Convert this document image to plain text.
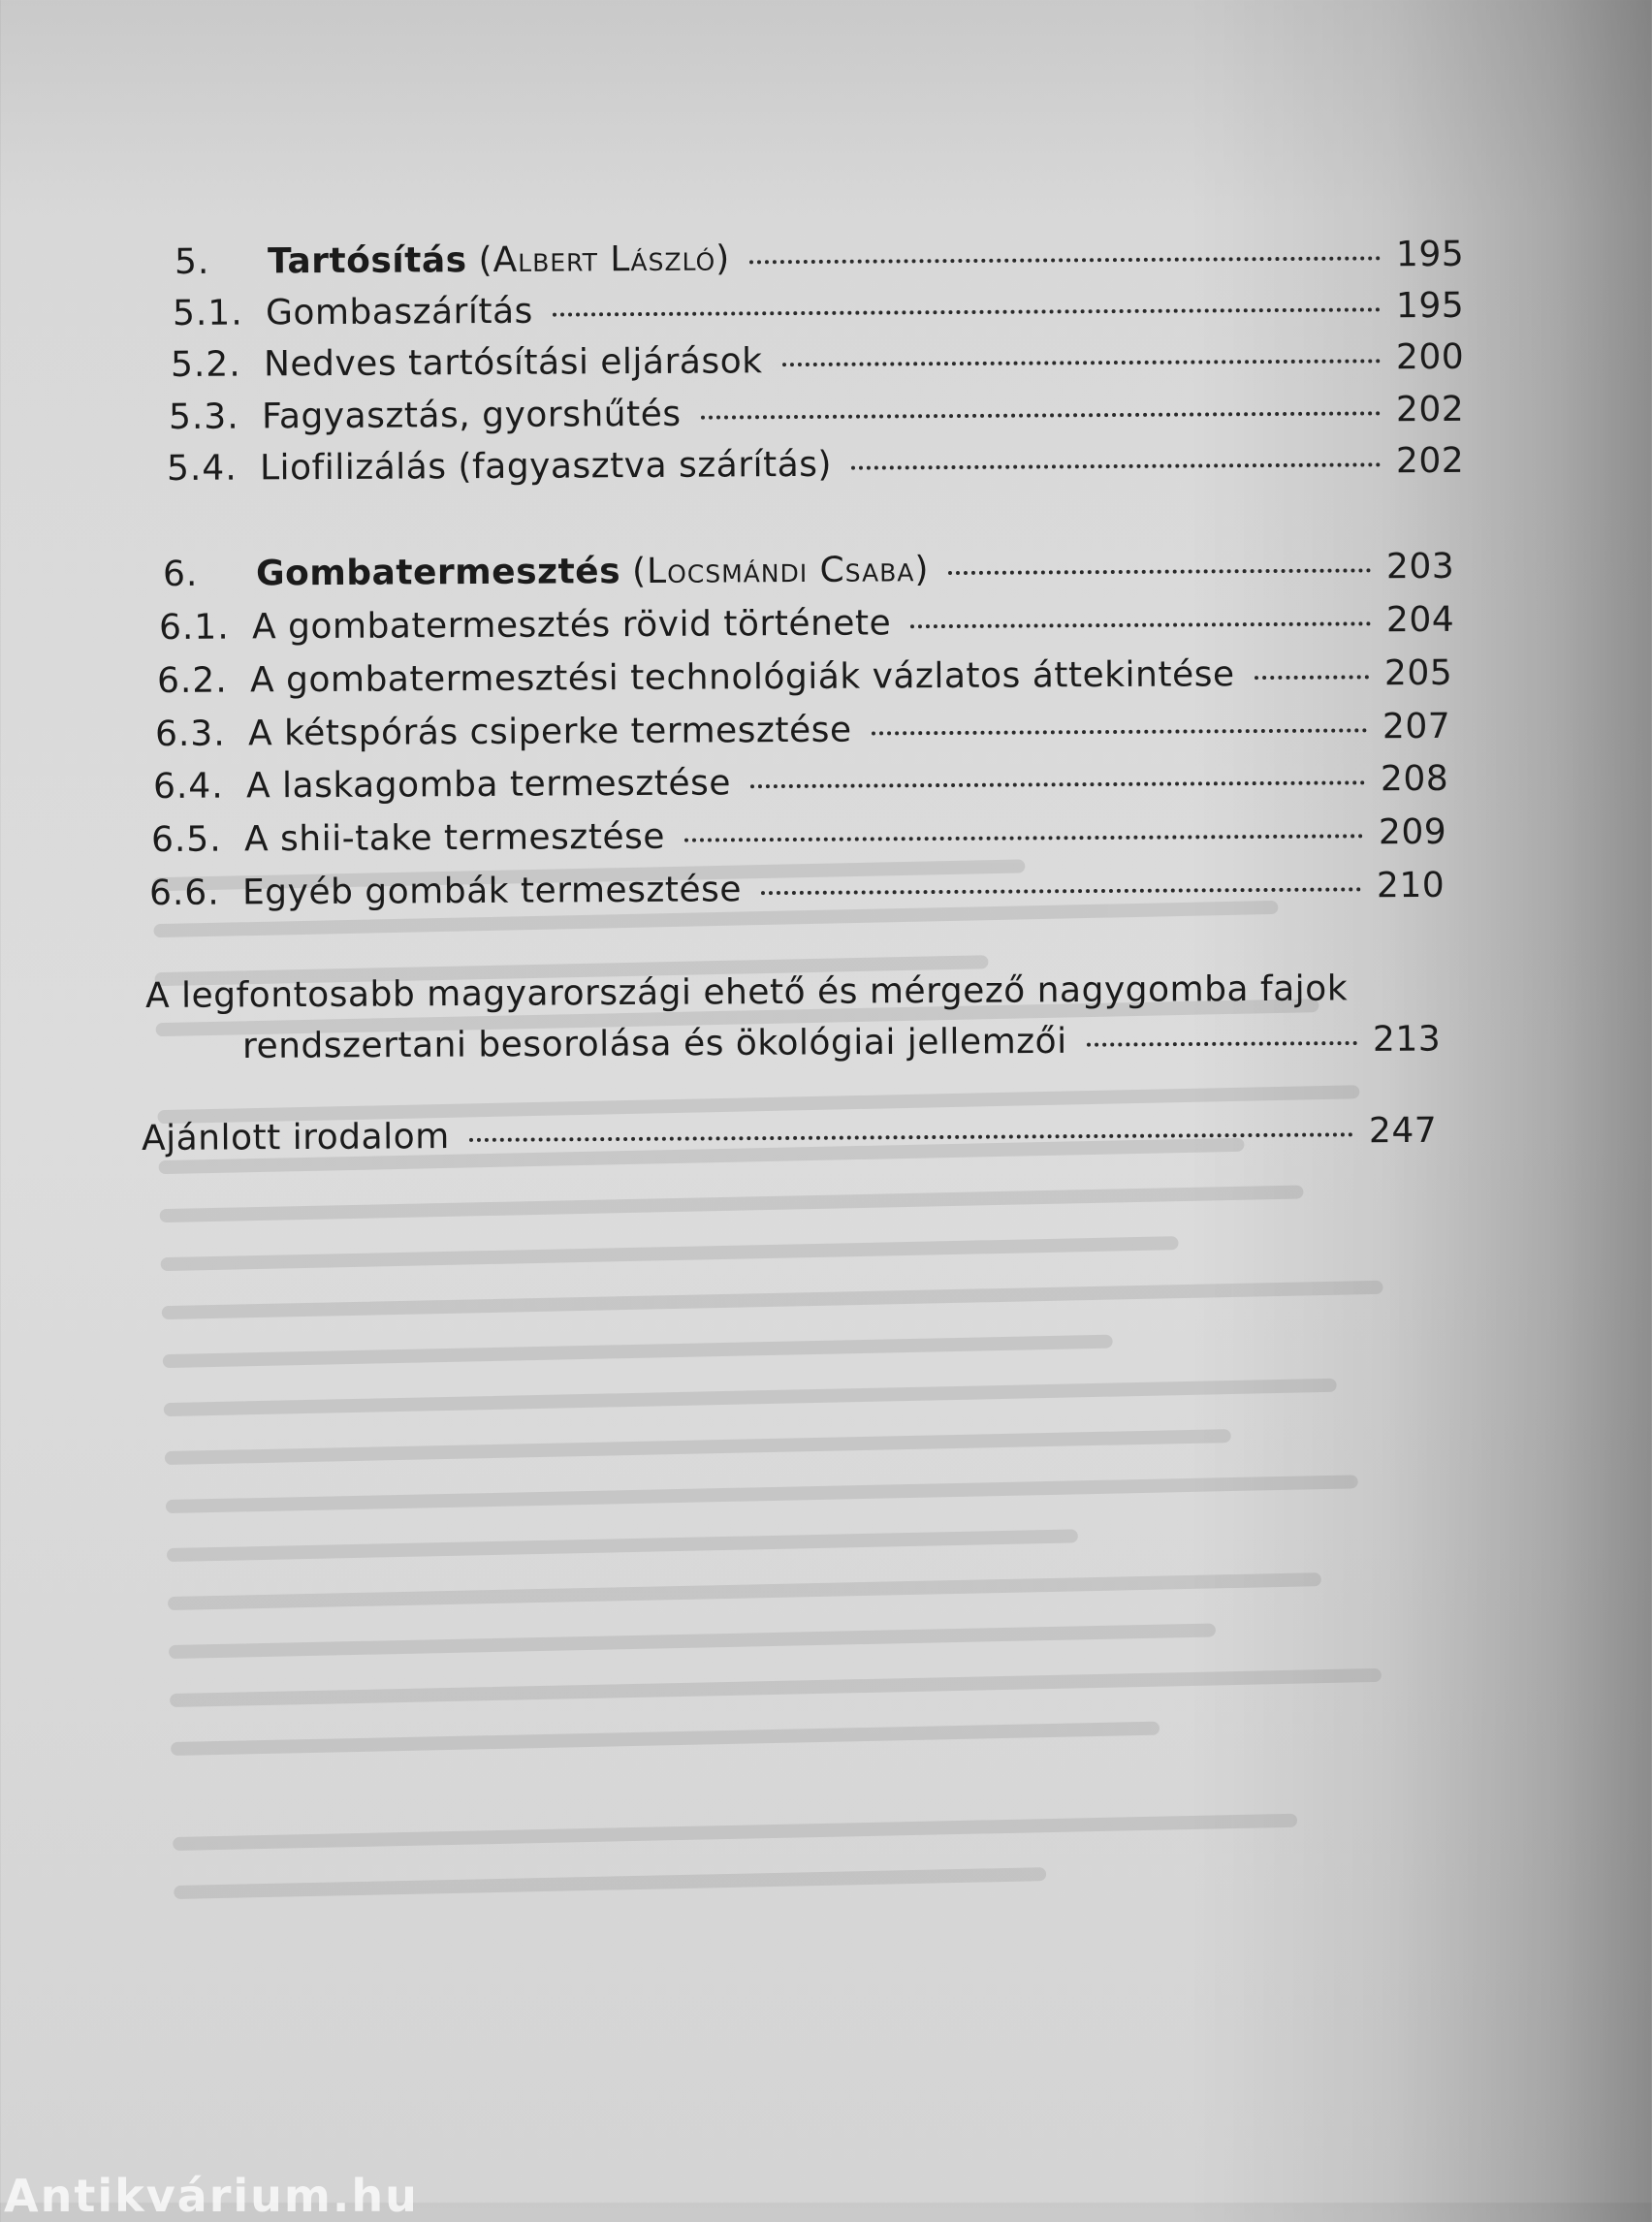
5.	Tartósítás (Albert László)	195
5.1. Gombaszárítás	195
5.2. Nedves tartósítási eljárások	200
5.3. Fagyasztás, gyorshűtés	202
5.4. Liofilizálás (fagyasztva szárítás)	202
6.	Gombatermesztés (Locsmándi Csaba)	203
6.1. A gombatermesztés rövid története	204
6.2. A gombatermesztési technológiák vázlatos áttekintése	205
6.3. A kétspórás csiperke termesztése	207
6.4. A laskagomba termesztése	208
6.5. A shii-take termesztése	209
6.6. Egyéb gombák termesztése	210
A legfontosabb magyarországi ehető és mérgező nagygomba fajok
rendszertani besorolása és ökológiai jellemzői	213
Ajánlott irodalom	247
Antikvárium.hu
